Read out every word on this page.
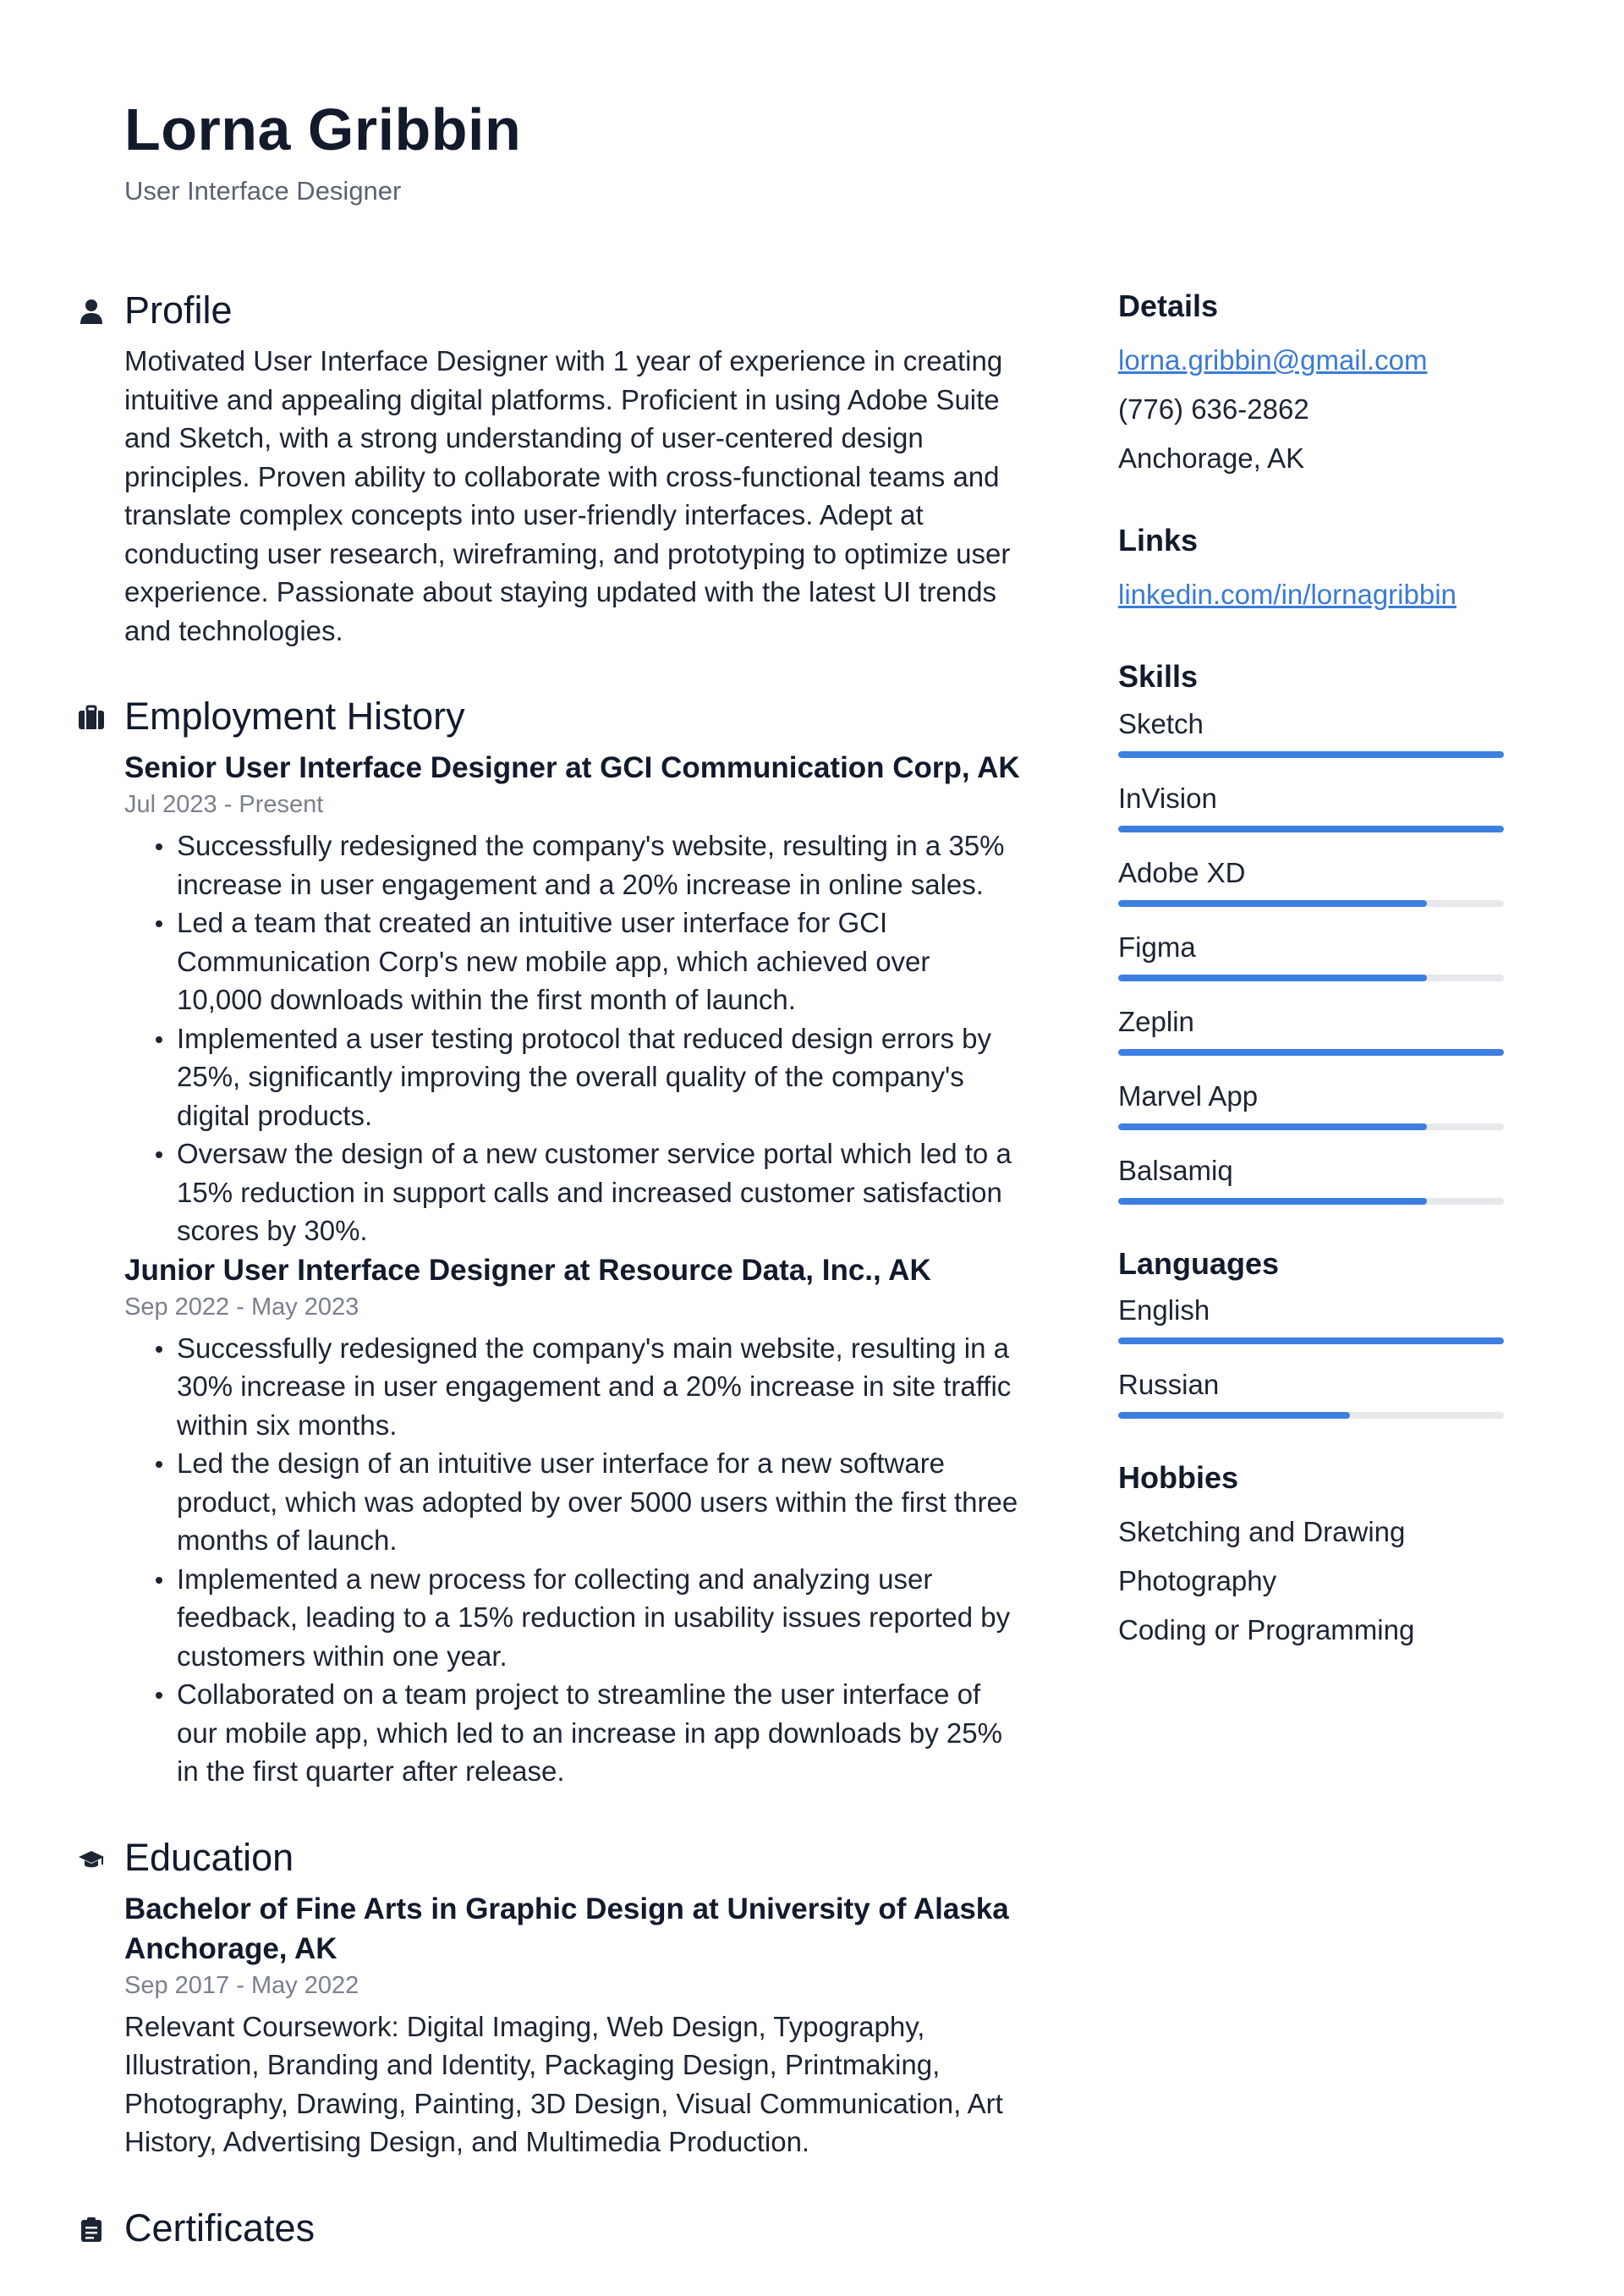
Lorna Gribbin
User Interface Designer
Profile

Motivated User Interface Designer with 1 year of experience in creating intuitive and appealing digital platforms. Proficient in using Adobe Suite and Sketch, with a strong understanding of user-centered design principles. Proven ability to collaborate with cross-functional teams and translate complex concepts into user-friendly interfaces. Adept at conducting user research, wireframing, and prototyping to optimize user experience. Passionate about staying updated with the latest UI trends and technologies.

Employment History
Senior User Interface Designer at GCI Communication Corp, AK
Jul 2023 - Present
Successfully redesigned the company's website, resulting in a 35% increase in user engagement and a 20% increase in online sales.
Led a team that created an intuitive user interface for GCI Communication Corp's new mobile app, which achieved over 10,000 downloads within the first month of launch.
Implemented a user testing protocol that reduced design errors by 25%, significantly improving the overall quality of the company's digital products.
Oversaw the design of a new customer service portal which led to a 15% reduction in support calls and increased customer satisfaction scores by 30%.
Junior User Interface Designer at Resource Data, Inc., AK
Sep 2022 - May 2023
Successfully redesigned the company's main website, resulting in a 30% increase in user engagement and a 20% increase in site traffic within six months.
Led the design of an intuitive user interface for a new software product, which was adopted by over 5000 users within the first three months of launch.
Implemented a new process for collecting and analyzing user feedback, leading to a 15% reduction in usability issues reported by customers within one year.
Collaborated on a team project to streamline the user interface of our mobile app, which led to an increase in app downloads by 25% in the first quarter after release.
Education
Bachelor of Fine Arts in Graphic Design at University of Alaska Anchorage, AK
Sep 2017 - May 2022

Relevant Coursework: Digital Imaging, Web Design, Typography, Illustration, Branding and Identity, Packaging Design, Printmaking, Photography, Drawing, Painting, 3D Design, Visual Communication, Art History, Advertising Design, and Multimedia Production.

Certificates
Details

lorna.gribbin@gmail.com

(776) 636-2862

Anchorage, AK

Links

linkedin.com/in/lornagribbin

Skills
Sketch
InVision
Adobe XD
Figma
Zeplin
Marvel App
Balsamiq
Languages
English
Russian
Hobbies

Sketching and Drawing

Photography

Coding or Programming
